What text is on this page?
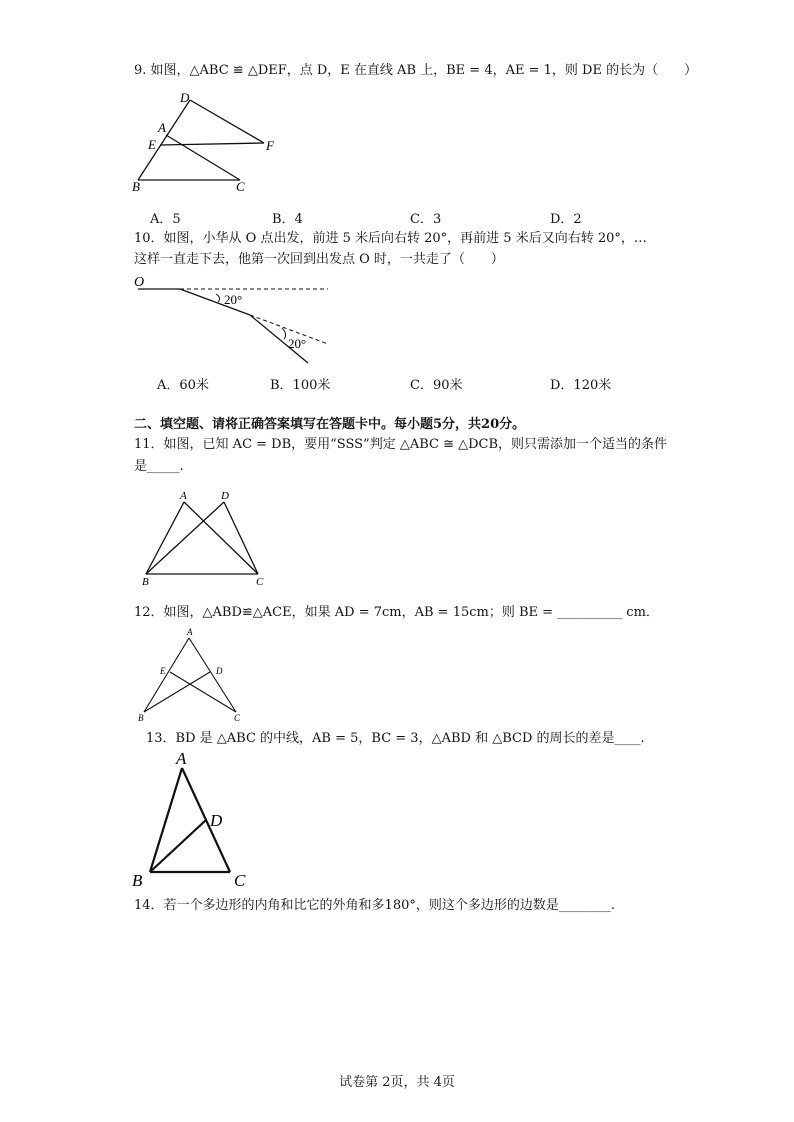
9. 如图，△ABC ≌ △DEF，点 D，E 在直线 AB 上，BE = 4，AE = 1，则 DE 的长为（　　）
D
A
E	F
B	C
A．5	B．4	C．3	D．2
10．如图，小华从 O 点出发，前进 5 米后向右转 20°，再前进 5 米后又向右转 20°，…
这样一直走下去，他第一次回到出发点 O 时，一共走了（　　）
O
20°
20°
A．60米	B．100米	C．90米	D．120米
二、填空题、请将正确答案填写在答题卡中。每小题5分，共20分。
11．如图，已知 AC = DB，要用“SSS”判定 △ABC ≅ △DCB，则只需添加一个适当的条件
是_____.
A	D
B	C
12．如图，△ABD≌△ACE，如果 AD = 7cm，AB = 15cm；则 BE = __________ cm．
A
E	D
B	C
13．BD 是 △ABC 的中线，AB = 5，BC = 3，△ABD 和 △BCD 的周长的差是____.
A
D
B	C
14．若一个多边形的内角和比它的外角和多180°，则这个多边形的边数是________.
试卷第 2页，共 4页
